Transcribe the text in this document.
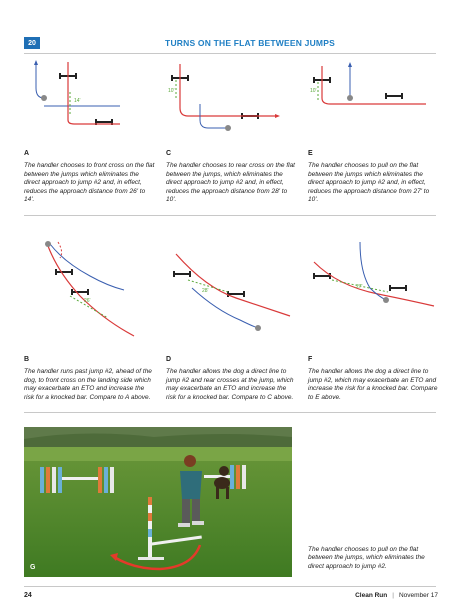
20	TURNS ON THE FLAT BETWEEN JUMPS
14'
10'	10'
A
The handler chooses to front cross on the flat between the jumps which eliminates the direct approach to jump #2 and, in effect, reduces the approach distance from 26' to 14'.
C
The handler chooses to rear cross on the flat between the jumps, which eliminates the direct approach to jump #2 and, in effect, reduces the approach distance from 28' to 10'.
E
The handler chooses to pull on the flat between the jumps which eliminates the direct approach to jump #2 and, in effect, reduces the approach distance from 27' to 10'.
26'
28'
27'
B
The handler runs past jump #2, ahead of the dog, to front cross on the landing side which may exacerbate an ETO and increase the risk for a knocked bar. Compare to A above.
D
The handler allows the dog a direct line to jump #2 and rear crosses at the jump, which may exacerbate an ETO and increase the risk for a knocked bar. Compare to C above.
F
The handler allows the dog a direct line to jump #2, which may exacerbate an ETO and increase the risk for a knocked bar. Compare to E above.
G
The handler chooses to pull on the flat between the jumps, which eliminates the direct approach to jump #2.
24	Clean Run | November 17
